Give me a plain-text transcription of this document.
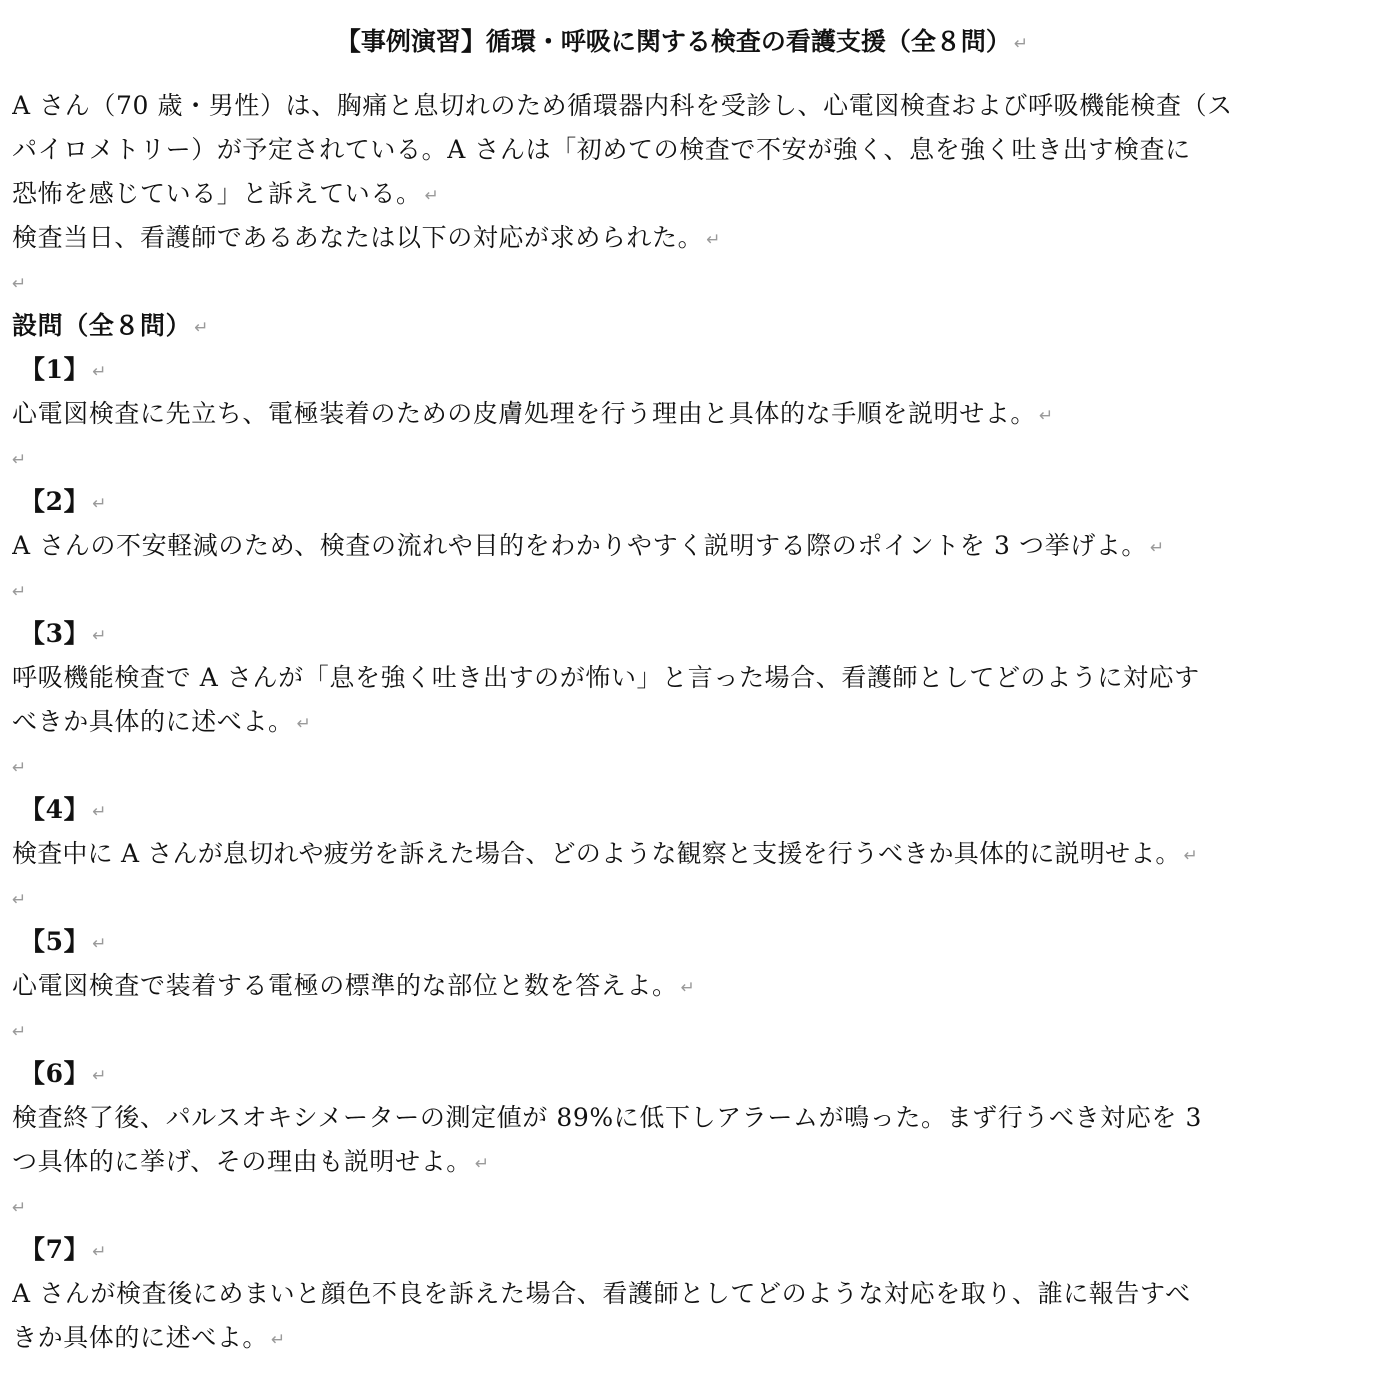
【事例演習】循環・呼吸に関する検査の看護支援（全８問） ↵
A さん（70 歳・男性）は、胸痛と息切れのため循環器内科を受診し、心電図検査および呼吸機能検査（ス
パイロメトリー）が予定されている。A さんは「初めての検査で不安が強く、息を強く吐き出す検査に
恐怖を感じている」と訴えている。 ↵
検査当日、看護師であるあなたは以下の対応が求められた。 ↵
↵
設問（全８問） ↵
【1】 ↵
心電図検査に先立ち、電極装着のための皮膚処理を行う理由と具体的な手順を説明せよ。 ↵
↵
【2】 ↵
A さんの不安軽減のため、検査の流れや目的をわかりやすく説明する際のポイントを 3 つ挙げよ。 ↵
↵
【3】 ↵
呼吸機能検査で A さんが「息を強く吐き出すのが怖い」と言った場合、看護師としてどのように対応す
べきか具体的に述べよ。 ↵
↵
【4】 ↵
検査中に A さんが息切れや疲労を訴えた場合、どのような観察と支援を行うべきか具体的に説明せよ。 ↵
↵
【5】 ↵
心電図検査で装着する電極の標準的な部位と数を答えよ。 ↵
↵
【6】 ↵
検査終了後、パルスオキシメーターの測定値が 89%に低下しアラームが鳴った。まず行うべき対応を 3
つ具体的に挙げ、その理由も説明せよ。 ↵
↵
【7】 ↵
A さんが検査後にめまいと顔色不良を訴えた場合、看護師としてどのような対応を取り、誰に報告すべ
きか具体的に述べよ。 ↵
